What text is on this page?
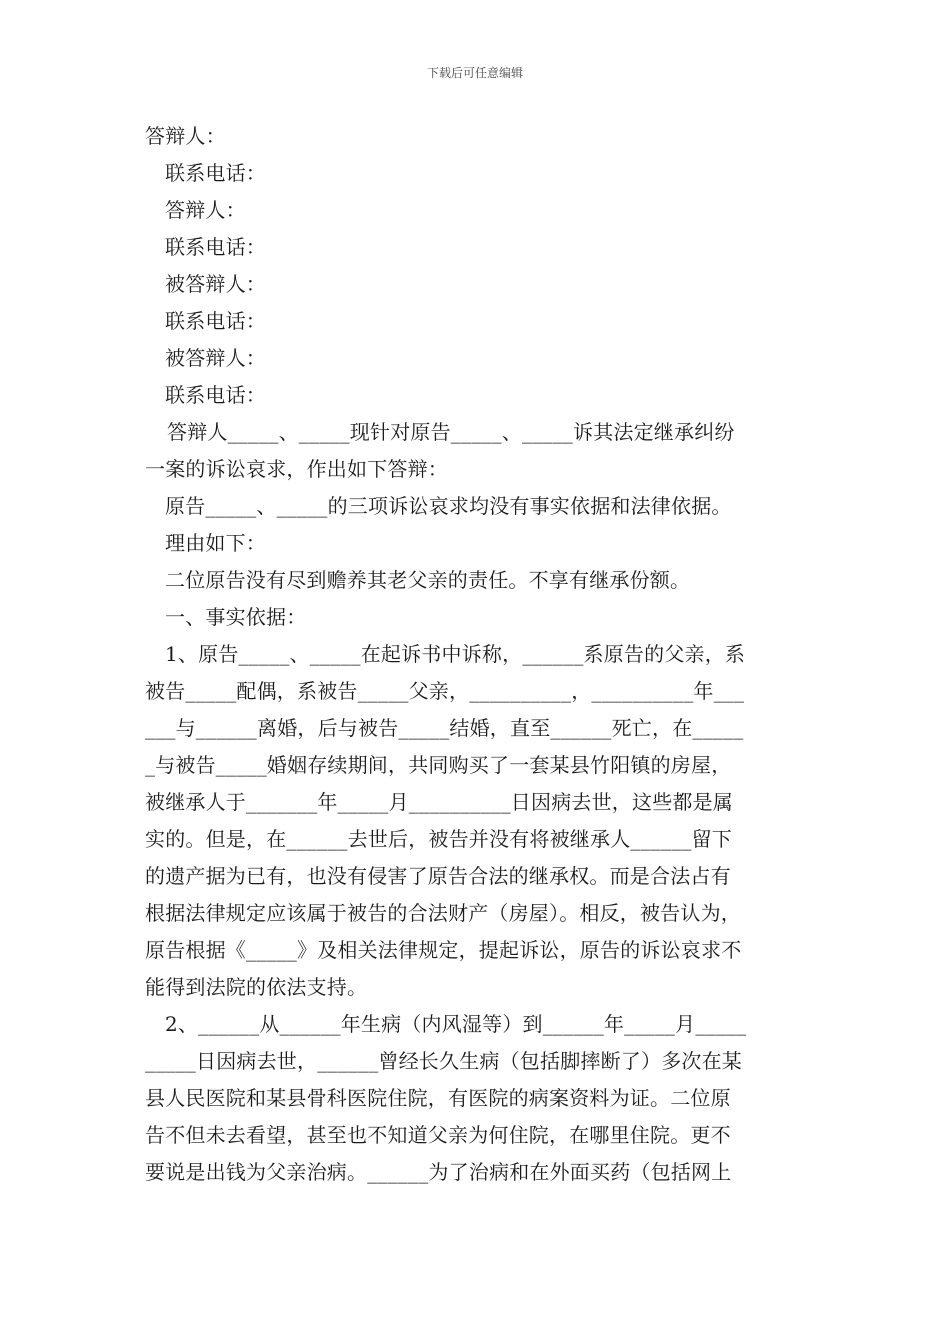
下载后可任意编辑
答辩人：
联系电话：
答辩人：
联系电话：
被答辩人：
联系电话：
被答辩人：
联系电话：
答辩人_____、_____现针对原告_____、_____诉其法定继承纠纷
一案的诉讼哀求，作出如下答辩：
原告_____、_____的三项诉讼哀求均没有事实依据和法律依据。
理由如下：
二位原告没有尽到赡养其老父亲的责任。不享有继承份额。
一、事实依据：
1、原告_____、_____在起诉书中诉称，______系原告的父亲，系
被告_____配偶，系被告_____父亲，__________，__________年___
___与______离婚，后与被告_____结婚，直至______死亡，在_____
_与被告_____婚姻存续期间，共同购买了一套某县竹阳镇的房屋，
被继承人于_______年_____月__________日因病去世，这些都是属
实的。但是，在______去世后，被告并没有将被继承人______留下
的遗产据为已有，也没有侵害了原告合法的继承权。而是合法占有
根据法律规定应该属于被告的合法财产（房屋）。相反，被告认为，
原告根据《_____》及相关法律规定，提起诉讼，原告的诉讼哀求不
能得到法院的依法支持。
2、______从______年生病（内风湿等）到______年_____月_____
_____日因病去世，______曾经长久生病（包括脚摔断了）多次在某
县人民医院和某县骨科医院住院，有医院的病案资料为证。二位原
告不但未去看望，甚至也不知道父亲为何住院，在哪里住院。更不
要说是出钱为父亲治病。______为了治病和在外面买药（包括网上
